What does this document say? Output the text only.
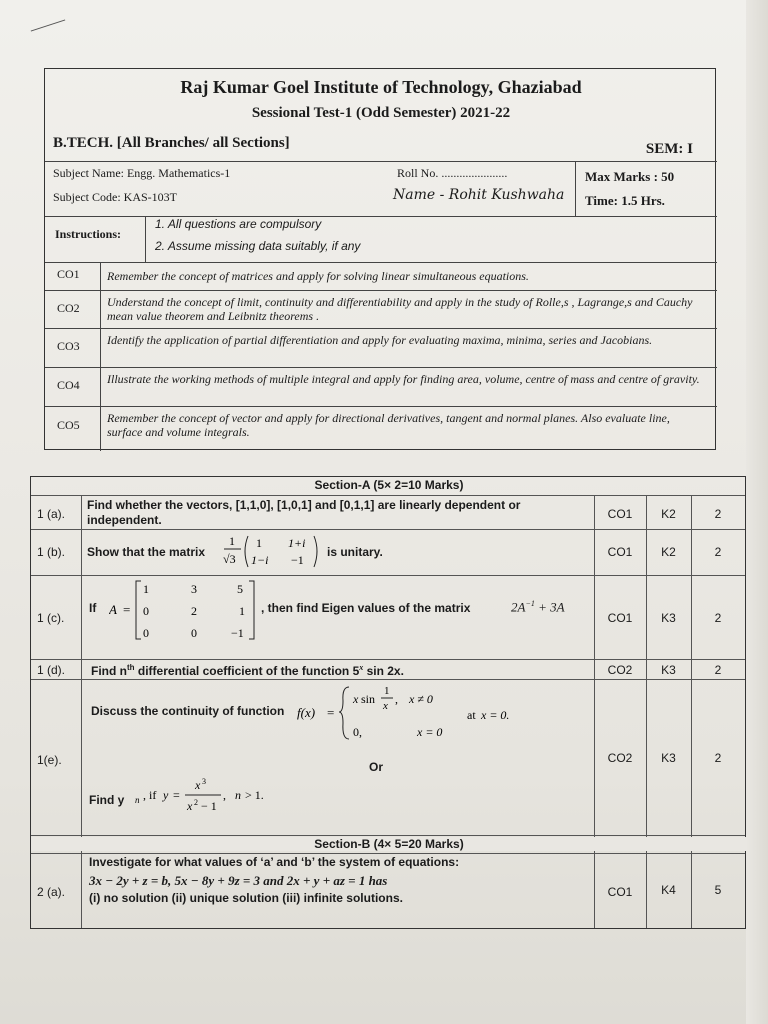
Raj Kumar Goel Institute of Technology, Ghaziabad
Sessional Test-1 (Odd Semester) 2021-22
B.TECH. [All Branches/ all Sections]	SEM: I
Subject Name: Engg. Mathematics-1
Subject Code: KAS-103T
Roll No. ......................
Name - Rohit Kushwaha
Max Marks : 50
Time: 1.5 Hrs.
Instructions:
1. All questions are compulsory
2. Assume missing data suitably, if any
CO1 Remember the concept of matrices and apply for solving linear simultaneous equations.
CO2 Understand the concept of limit, continuity and differentiability and apply in the study of Rolle,s , Lagrange,s and Cauchy mean value theorem and Leibnitz theorems .
CO3 Identify the application of partial differentiation and apply for evaluating maxima, minima, series and Jacobians.
CO4 Illustrate the working methods of multiple integral and apply for finding area, volume, centre of mass and centre of gravity.
CO5 Remember the concept of vector and apply for directional derivatives, tangent and normal planes. Also evaluate line, surface and volume integrals.
Section-A (5× 2=10 Marks)
1 (a).
Find whether the vectors, [1,1,0], [1,0,1] and [0,1,1] are linearly dependent or independent.	CO1	K2	2
1 (b). Show that the matrix
1
√3
1 1+i
1−i −1
is unitary.	CO1	K2	2
1 (c).
If A =
1	3	5
0	2	1
0	0	−1
, then find Eigen values of the matrix	$2A^{-1} + 3A$
CO1	K3	2
1 (d). Find $n^{th}$ differential coefficient of the function 5$^x$ sin 2x.	CO2	K3	2
1(e).
Discuss the continuity of function f(x) =
x sin
1
x , x ≠ 0
0,	x = 0
at x = 0.
Or
Find y n , if y =
x 3
x 2 − 1
, n > 1.
CO2	K3	2
Section-B (4× 5=20 Marks)
2 (a).
Investigate for what values of ‘a’ and ‘b’ the system of equations:
3x − 2y + z = b, 5x − 8y + 9z = 3 and 2x + y + az = 1 has
(i) no solution (ii) unique solution (iii) infinite solutions.	CO1	K4	5
